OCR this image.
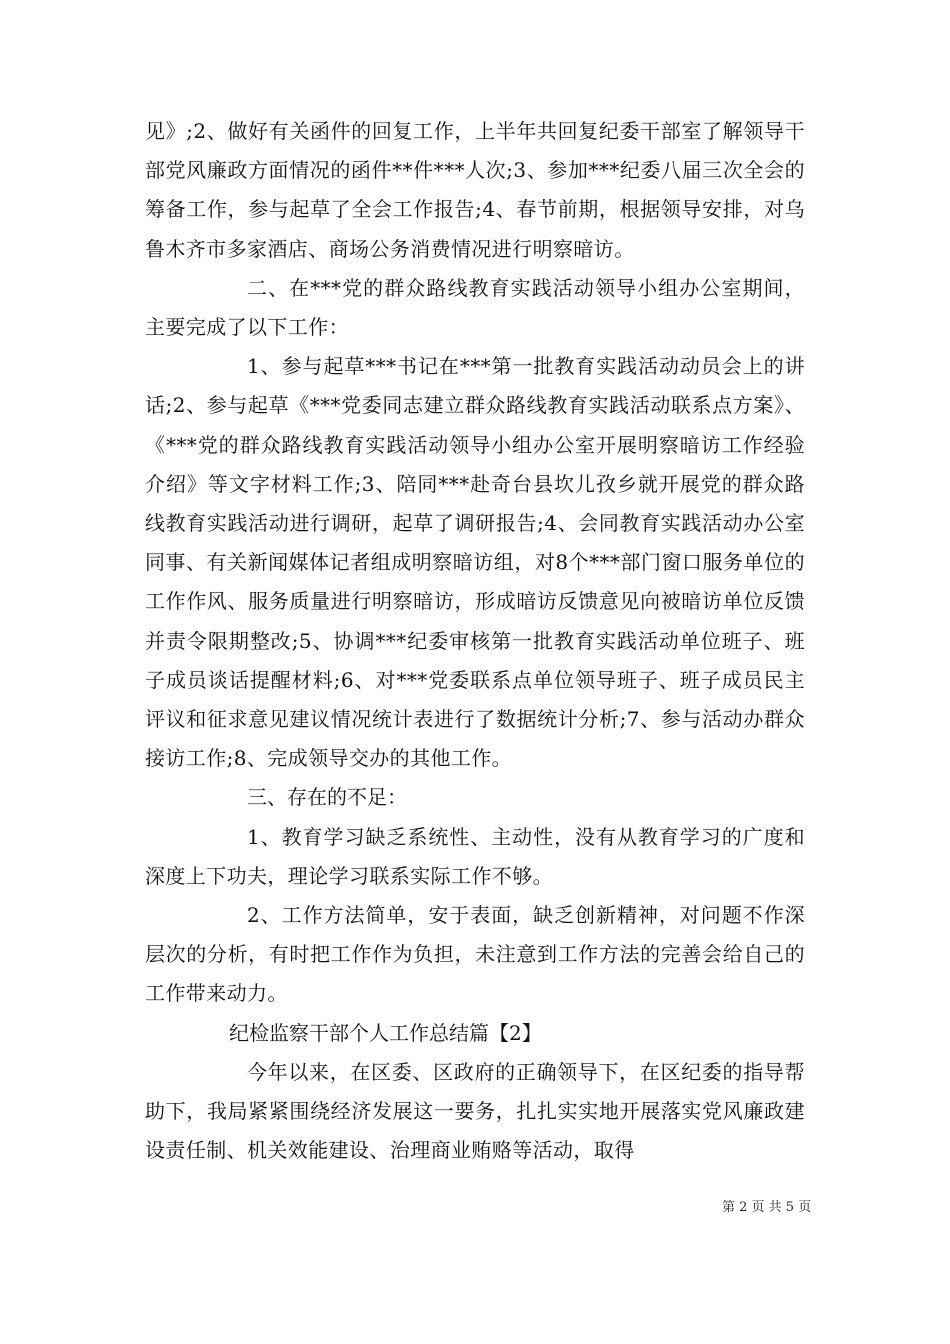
见》;2、做好有关函件的回复工作，上半年共回复纪委干部室了解领导干部党风廉政方面情况的函件**件***人次;3、参加***纪委八届三次全会的筹备工作，参与起草了全会工作报告;4、春节前期，根据领导安排，对乌鲁木齐市多家酒店、商场公务消费情况进行明察暗访。

二、在***党的群众路线教育实践活动领导小组办公室期间，主要完成了以下工作：

1、参与起草***书记在***第一批教育实践活动动员会上的讲话;2、参与起草《***党委同志建立群众路线教育实践活动联系点方案》、《***党的群众路线教育实践活动领导小组办公室开展明察暗访工作经验介绍》等文字材料工作;3、陪同***赴奇台县坎儿孜乡就开展党的群众路线教育实践活动进行调研，起草了调研报告;4、会同教育实践活动办公室同事、有关新闻媒体记者组成明察暗访组，对8个***部门窗口服务单位的工作作风、服务质量进行明察暗访，形成暗访反馈意见向被暗访单位反馈并责令限期整改;5、协调***纪委审核第一批教育实践活动单位班子、班子成员谈话提醒材料;6、对***党委联系点单位领导班子、班子成员民主评议和征求意见建议情况统计表进行了数据统计分析;7、参与活动办群众接访工作;8、完成领导交办的其他工作。

三、存在的不足：

1、教育学习缺乏系统性、主动性，没有从教育学习的广度和深度上下功夫，理论学习联系实际工作不够。

2、工作方法简单，安于表面，缺乏创新精神，对问题不作深层次的分析，有时把工作作为负担，未注意到工作方法的完善会给自己的工作带来动力。

纪检监察干部个人工作总结篇【2】

今年以来，在区委、区政府的正确领导下，在区纪委的指导帮助下，我局紧紧围绕经济发展这一要务，扎扎实实地开展落实党风廉政建设责任制、机关效能建设、治理商业贿赂等活动，取得

第 2 页 共 5 页
